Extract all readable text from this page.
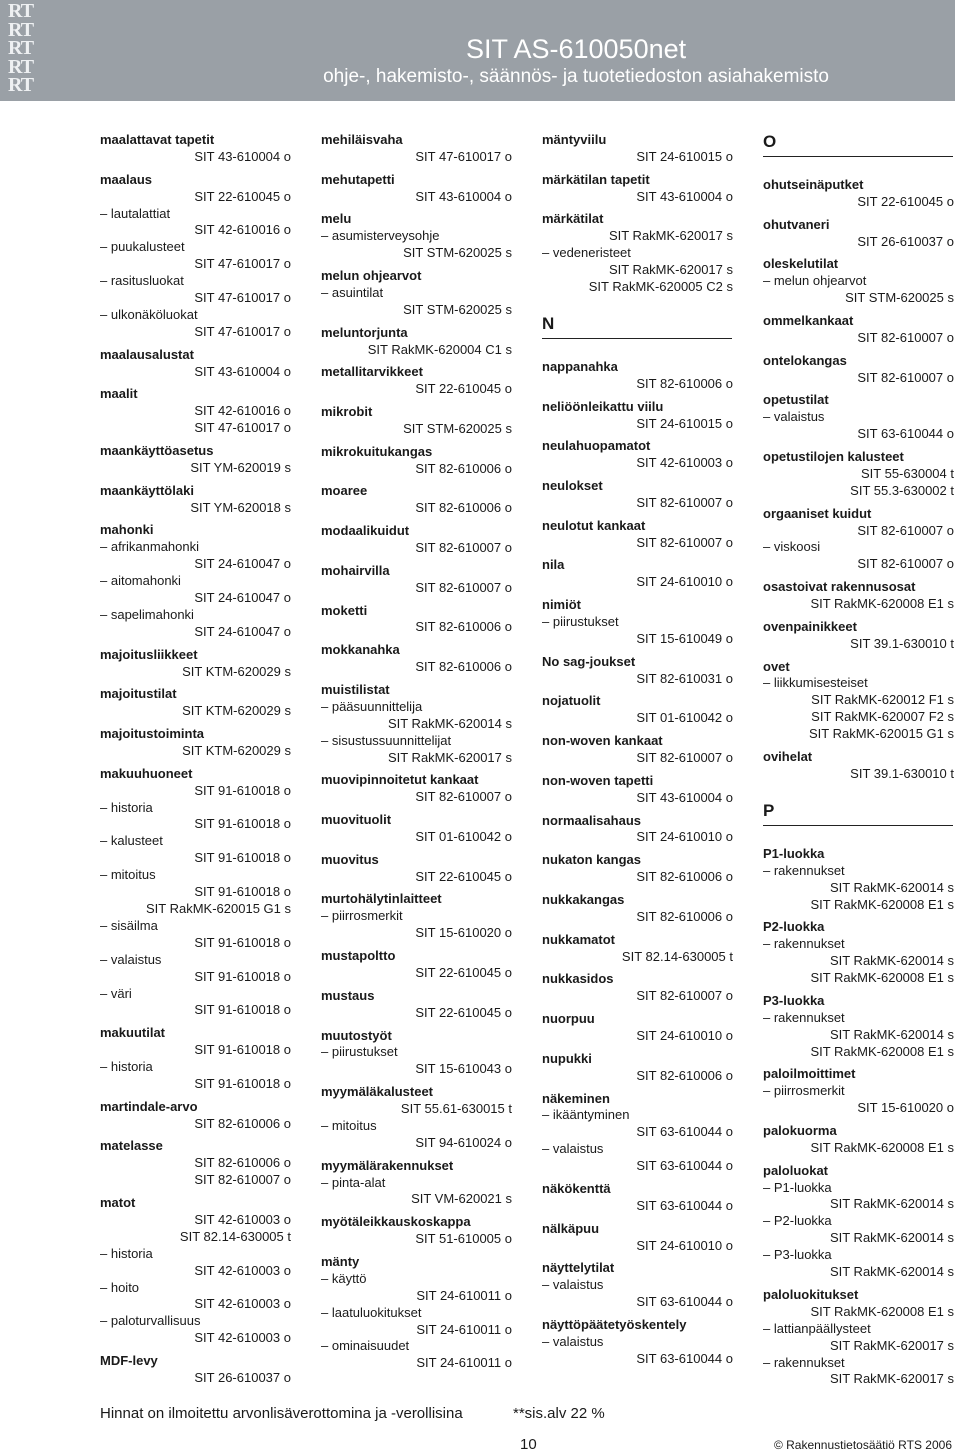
RT
RT
RT
RT
RT
SIT AS-610050net
ohje-, hakemisto-, säännös- ja tuotetiedoston asiahakemisto
maalattavat tapetit
SIT 43-610004 o
maalaus
SIT 22-610045 o
– lautalattiat
SIT 42-610016 o
– puukalusteet
SIT 47-610017 o
– rasitusluokat
SIT 47-610017 o
– ulkonäköluokat
SIT 47-610017 o
maalausalustat
SIT 43-610004 o
maalit
SIT 42-610016 o
SIT 47-610017 o
maankäyttöasetus
SIT YM-620019 s
maankäyttölaki
SIT YM-620018 s
mahonki
– afrikanmahonki
SIT 24-610047 o
– aitomahonki
SIT 24-610047 o
– sapelimahonki
SIT 24-610047 o
majoitusliikkeet
SIT KTM-620029 s
majoitustilat
SIT KTM-620029 s
majoitustoiminta
SIT KTM-620029 s
makuuhuoneet
SIT 91-610018 o
– historia
SIT 91-610018 o
– kalusteet
SIT 91-610018 o
– mitoitus
SIT 91-610018 o
SIT RakMK-620015 G1 s
– sisäilma
SIT 91-610018 o
– valaistus
SIT 91-610018 o
– väri
SIT 91-610018 o
makuutilat
SIT 91-610018 o
– historia
SIT 91-610018 o
martindale-arvo
SIT 82-610006 o
matelasse
SIT 82-610006 o
SIT 82-610007 o
matot
SIT 42-610003 o
SIT 82.14-630005 t
– historia
SIT 42-610003 o
– hoito
SIT 42-610003 o
– paloturvallisuus
SIT 42-610003 o
MDF-levy
SIT 26-610037 o
mehiläisvaha
SIT 47-610017 o
mehutapetti
SIT 43-610004 o
melu
– asumisterveysohje
SIT STM-620025 s
melun ohjearvot
– asuintilat
SIT STM-620025 s
meluntorjunta
SIT RakMK-620004 C1 s
metallitarvikkeet
SIT 22-610045 o
mikrobit
SIT STM-620025 s
mikrokuitukangas
SIT 82-610006 o
moaree
SIT 82-610006 o
modaalikuidut
SIT 82-610007 o
mohairvilla
SIT 82-610007 o
moketti
SIT 82-610006 o
mokkanahka
SIT 82-610006 o
muistilistat
– pääsuunnittelija
SIT RakMK-620014 s
– sisustussuunnittelijat
SIT RakMK-620017 s
muovipinnoitetut kankaat
SIT 82-610007 o
muovituolit
SIT 01-610042 o
muovitus
SIT 22-610045 o
murtohälytinlaitteet
– piirrosmerkit
SIT 15-610020 o
mustapoltto
SIT 22-610045 o
mustaus
SIT 22-610045 o
muutostyöt
– piirustukset
SIT 15-610043 o
myymäläkalusteet
SIT 55.61-630015 t
– mitoitus
SIT 94-610024 o
myymälärakennukset
– pinta-alat
SIT VM-620021 s
myötäleikkauskoskappa
SIT 51-610005 o
mänty
– käyttö
SIT 24-610011 o
– laatuluokitukset
SIT 24-610011 o
– ominaisuudet
SIT 24-610011 o
mäntyviilu
SIT 24-610015 o
märkätilan tapetit
SIT 43-610004 o
märkätilat
SIT RakMK-620017 s
– vedeneristeet
SIT RakMK-620017 s
SIT RakMK-620005 C2 s
N
nappanahka
SIT 82-610006 o
neliöönleikattu viilu
SIT 24-610015 o
neulahuopamatot
SIT 42-610003 o
neulokset
SIT 82-610007 o
neulotut kankaat
SIT 82-610007 o
nila
SIT 24-610010 o
nimiöt
– piirustukset
SIT 15-610049 o
No sag-joukset
SIT 82-610031 o
nojatuolit
SIT 01-610042 o
non-woven kankaat
SIT 82-610007 o
non-woven tapetti
SIT 43-610004 o
normaalisahaus
SIT 24-610010 o
nukaton kangas
SIT 82-610006 o
nukkakangas
SIT 82-610006 o
nukkamatot
SIT 82.14-630005 t
nukkasidos
SIT 82-610007 o
nuorpuu
SIT 24-610010 o
nupukki
SIT 82-610006 o
näkeminen
– ikääntyminen
SIT 63-610044 o
– valaistus
SIT 63-610044 o
näkökenttä
SIT 63-610044 o
nälkäpuu
SIT 24-610010 o
näyttelytilat
– valaistus
SIT 63-610044 o
näyttöpäätetyöskentely
– valaistus
SIT 63-610044 o
O
ohutseinäputket
SIT 22-610045 o
ohutvaneri
SIT 26-610037 o
oleskelutilat
– melun ohjearvot
SIT STM-620025 s
ommelkankaat
SIT 82-610007 o
ontelokangas
SIT 82-610007 o
opetustilat
– valaistus
SIT 63-610044 o
opetustilojen kalusteet
SIT 55-630004 t
SIT 55.3-630002 t
orgaaniset kuidut
SIT 82-610007 o
– viskoosi
SIT 82-610007 o
osastoivat rakennusosat
SIT RakMK-620008 E1 s
ovenpainikkeet
SIT 39.1-630010 t
ovet
– liikkumisesteiset
SIT RakMK-620012 F1 s
SIT RakMK-620007 F2 s
SIT RakMK-620015 G1 s
ovihelat
SIT 39.1-630010 t
P
P1-luokka
– rakennukset
SIT RakMK-620014 s
SIT RakMK-620008 E1 s
P2-luokka
– rakennukset
SIT RakMK-620014 s
SIT RakMK-620008 E1 s
P3-luokka
– rakennukset
SIT RakMK-620014 s
SIT RakMK-620008 E1 s
paloilmoittimet
– piirrosmerkit
SIT 15-610020 o
palokuorma
SIT RakMK-620008 E1 s
paloluokat
– P1-luokka
SIT RakMK-620014 s
– P2-luokka
SIT RakMK-620014 s
– P3-luokka
SIT RakMK-620014 s
paloluokitukset
SIT RakMK-620008 E1 s
– lattianpäällysteet
SIT RakMK-620017 s
– rakennukset
SIT RakMK-620017 s
Hinnat on ilmoitettu arvonlisäverottomina ja -verollisina	**sis.alv 22 %
10	© Rakennustietosäätiö RTS 2006
